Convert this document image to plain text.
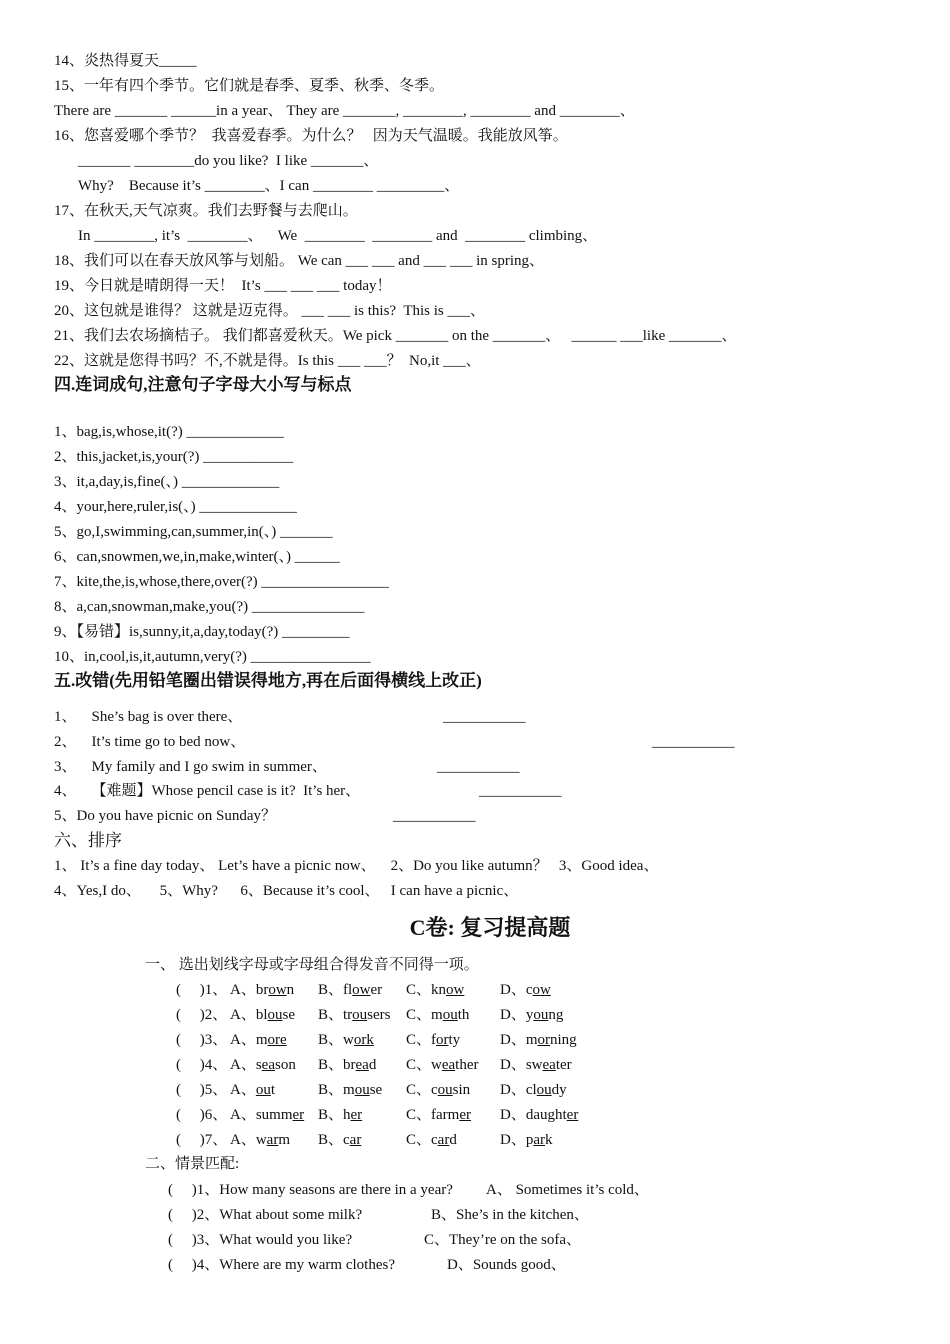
14、炎热得夏天_____
15、一年有四个季节。它们就是春季、夏季、秋季、冬季。
There are _______ ______in a year、 They are _______, ________, ________ and ________、
16、您喜爱哪个季节？  我喜爱春季。为什么？   因为天气温暖。我能放风筝。
_______ ________do you like?  I like _______、
Why?    Because it’s ________、I can ________ _________、
17、在秋天,天气凉爽。我们去野餐与去爬山。
In ________, it’s  ________、    We  ________  ________ and  ________ climbing、
18、我们可以在春天放风筝与划船。 We can ___ ___ and ___ ___ in spring、
19、今日就是晴朗得一天！  It’s ___ ___ ___ today！
20、这包就是谁得？ 这就是迈克得。 ___ ___ is this?  This is ___、
21、我们去农场摘桔子。 我们都喜爱秋天。We pick _______ on the _______、   ______ ___like _______、
22、这就是您得书吗？不,不就是得。Is this ___ ___？  No,it ___、
四.连词成句,注意句子字母大小写与标点
1、bag,is,whose,it(?) _____________
2、this,jacket,is,your(?) ____________
3、it,a,day,is,fine(、) _____________
4、your,here,ruler,is(、) _____________
5、go,I,swimming,can,summer,in(、) _______
6、can,snowmen,we,in,make,winter(、) ______
7、kite,the,is,whose,there,over(?) _________________
8、a,can,snowman,make,you(?) _______________
9、【易错】is,sunny,it,a,day,today(?) _________
10、in,cool,is,it,autumn,very(?) ________________
五.改错(先用铅笔圈出错误得地方,再在后面得横线上改正)
1、    She’s bag is over there、	___________
2、    It’s time go to bed now、	___________
3、    My family and I go swim in summer、	___________
4、    【难题】Whose pencil case is it?  It’s her、	___________
5、Do you have picnic on Sunday？	___________
六、排序
1、 It’s a fine day today、 Let’s have a picnic now、    2、Do you like autumn？   3、Good idea、
4、Yes,I do、     5、Why?      6、Because it’s cool、   I can have a picnic、
C卷: 复习提高题
一、 选出划线字母或字母组合得发音不同得一项。
(     )1、 A、brown B、flower C、know D、cow
(     )2、 A、blouse B、trousers C、mouth D、young
(     )3、 A、more B、work C、forty	D、morning
(     )4、 A、season B、bread C、weather D、sweater
(     )5、 A、out	B、mouse C、cousin D、cloudy
(     )6、 A、summer B、her	C、farmer D、daughter
(     )7、 A、warm B、car	C、card	D、park
二、情景匹配:
(     )1、How many seasons are there in a year? A、 Sometimes it’s cold、
(     )2、What about some milk?	B、She’s in the kitchen、
(     )3、What would you like?	C、They’re on the sofa、
(     )4、Where are my warm clothes?	D、Sounds good、
